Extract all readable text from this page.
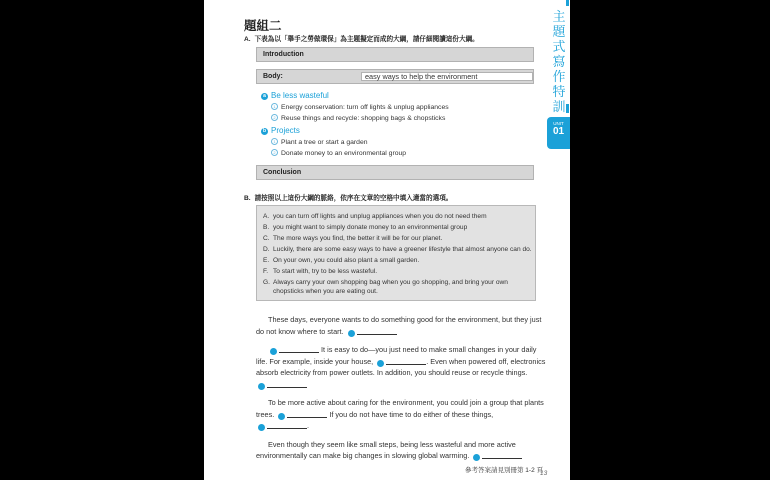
題組二
A. 下表為以「舉手之勞做環保」為主題擬定而成的大綱，請仔細閱讀這份大綱。
Introduction
Body:	easy ways to help the environment
a Be less wasteful
1 Energy conservation: turn off lights & unplug appliances
2 Reuse things and recycle: shopping bags & chopsticks
b Projects
1 Plant a tree or start a garden
2 Donate money to an environmental group
Conclusion
B. 請按照以上這份大綱的脈絡，依序在文章的空格中填入適當的選項。
A. you can turn off lights and unplug appliances when you do not need them
B. you might want to simply donate money to an environmental group
C. The more ways you find, the better it will be for our planet.
D. Luckily, there are some easy ways to have a greener lifestyle that almost anyone can do.
E. On your own, you could also plant a small garden.
F. To start with, try to be less wasteful.
G. Always carry your own shopping bag when you go shopping, and bring your own
chopsticks when you are eating out.

These days, everyone wants to do something good for the environment, but they just do not know where to start.	1

2	It is easy to do—you just need to make small changes in your daily life. For example, inside your house,	3	. Even when powered off, electronics absorb electricity from power outlets. In addition, you should reuse or recycle things.
4

To be more active about caring for the environment, you could join a group that plants trees.	5	If you do not have time to do either of these things,
6	.

Even though they seem like small steps, being less wasteful and more active environmentally can make big changes in slowing global warming.	7

參考答案請見別冊第 1-2 頁
13
主
題
式
寫
作
特
訓
UNIT
01
